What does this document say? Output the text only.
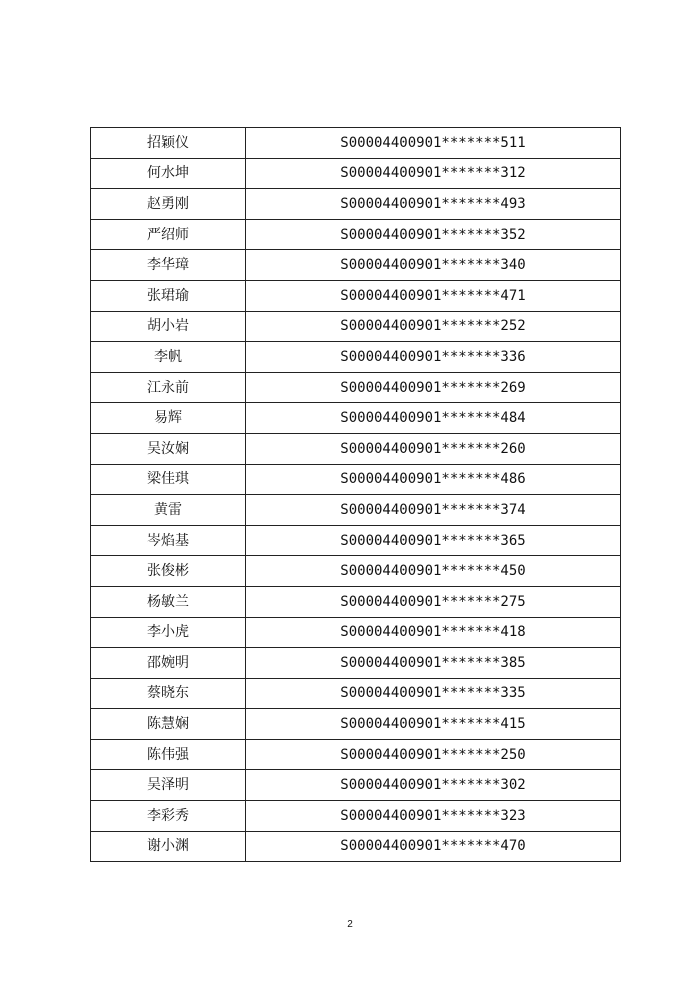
招颖仪	S00004400901*******511
何水坤	S00004400901*******312
赵勇刚	S00004400901*******493
严绍师	S00004400901*******352
李华璋	S00004400901*******340
张珺瑜	S00004400901*******471
胡小岩	S00004400901*******252
李帆	S00004400901*******336
江永前	S00004400901*******269
易辉	S00004400901*******484
吴汝娴	S00004400901*******260
梁佳琪	S00004400901*******486
黄雷	S00004400901*******374
岑焰基	S00004400901*******365
张俊彬	S00004400901*******450
杨敏兰	S00004400901*******275
李小虎	S00004400901*******418
邵婉明	S00004400901*******385
蔡晓东	S00004400901*******335
陈慧娴	S00004400901*******415
陈伟强	S00004400901*******250
吴泽明	S00004400901*******302
李彩秀	S00004400901*******323
谢小渊	S00004400901*******470
2
